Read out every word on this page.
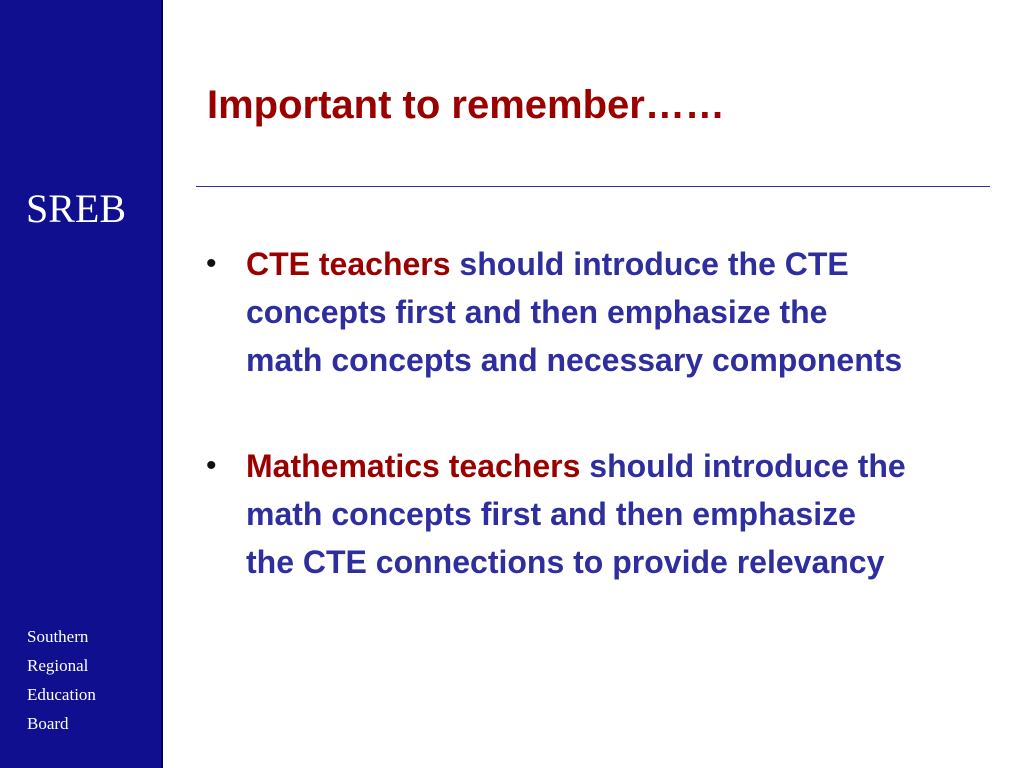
SREB
Southern
Regional
Education
Board
Important to remember……
• CTE teachers should introduce the CTE concepts first and then emphasize the math concepts and necessary components
• Mathematics teachers should introduce the math concepts first and then emphasize the CTE connections to provide relevancy
